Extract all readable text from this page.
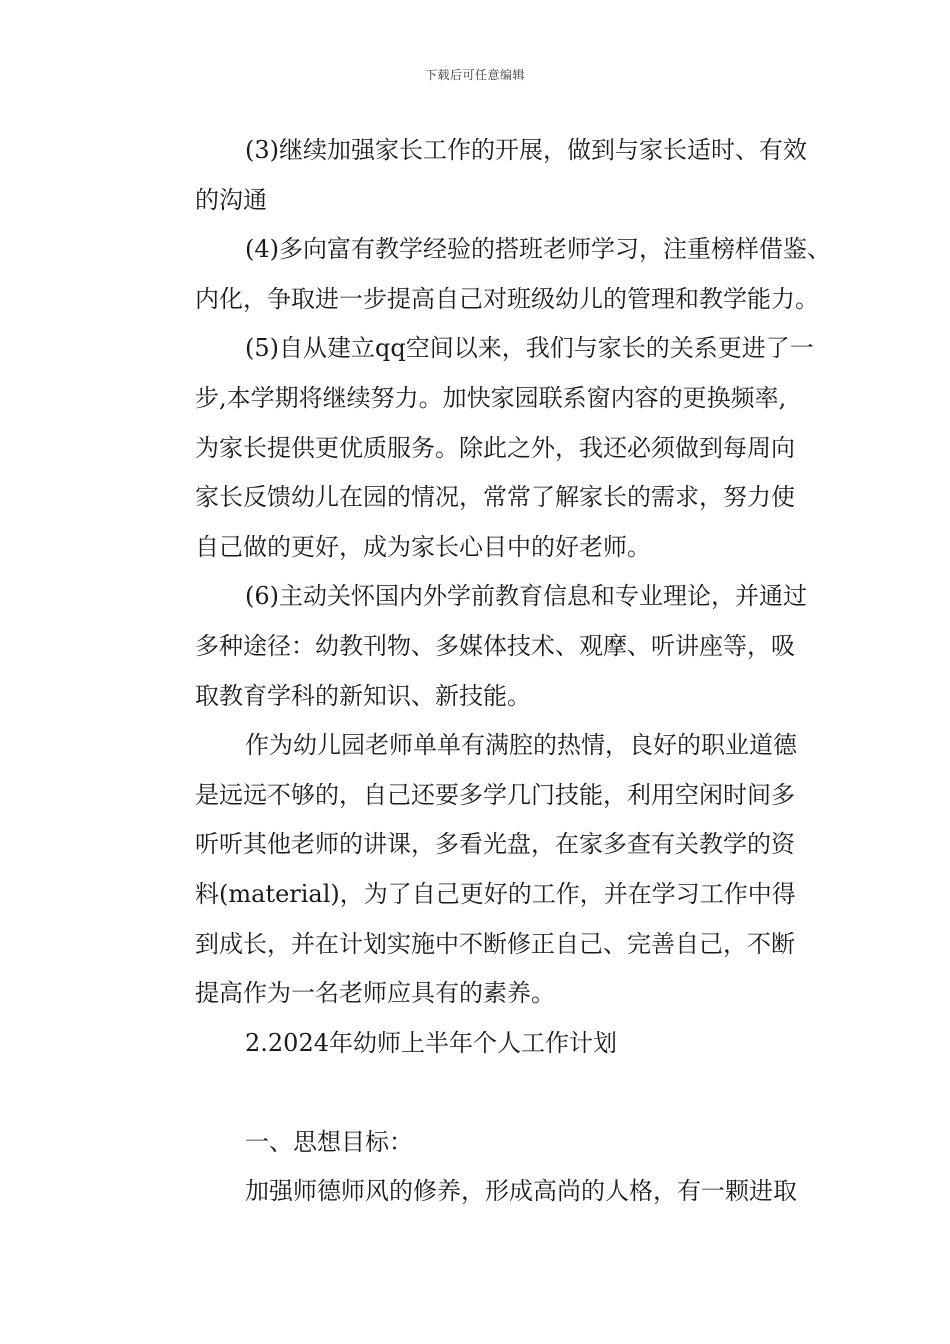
下载后可任意编辑
(3)继续加强家长工作的开展，做到与家长适时、有效
的沟通
(4)多向富有教学经验的搭班老师学习，注重榜样借鉴、
内化，争取进一步提高自己对班级幼儿的管理和教学能力。
(5)自从建立qq空间以来，我们与家长的关系更进了一
步,本学期将继续努力。加快家园联系窗内容的更换频率,
为家长提供更优质服务。除此之外，我还必须做到每周向
家长反馈幼儿在园的情况，常常了解家长的需求，努力使
自己做的更好，成为家长心目中的好老师。
(6)主动关怀国内外学前教育信息和专业理论，并通过
多种途径：幼教刊物、多媒体技术、观摩、听讲座等，吸
取教育学科的新知识、新技能。
作为幼儿园老师单单有满腔的热情，良好的职业道德
是远远不够的，自己还要多学几门技能，利用空闲时间多
听听其他老师的讲课，多看光盘，在家多查有关教学的资
料(material)，为了自己更好的工作，并在学习工作中得
到成长，并在计划实施中不断修正自己、完善自己，不断
提高作为一名老师应具有的素养。
2.2024年幼师上半年个人工作计划
一、思想目标：
加强师德师风的修养，形成高尚的人格，有一颗进取
